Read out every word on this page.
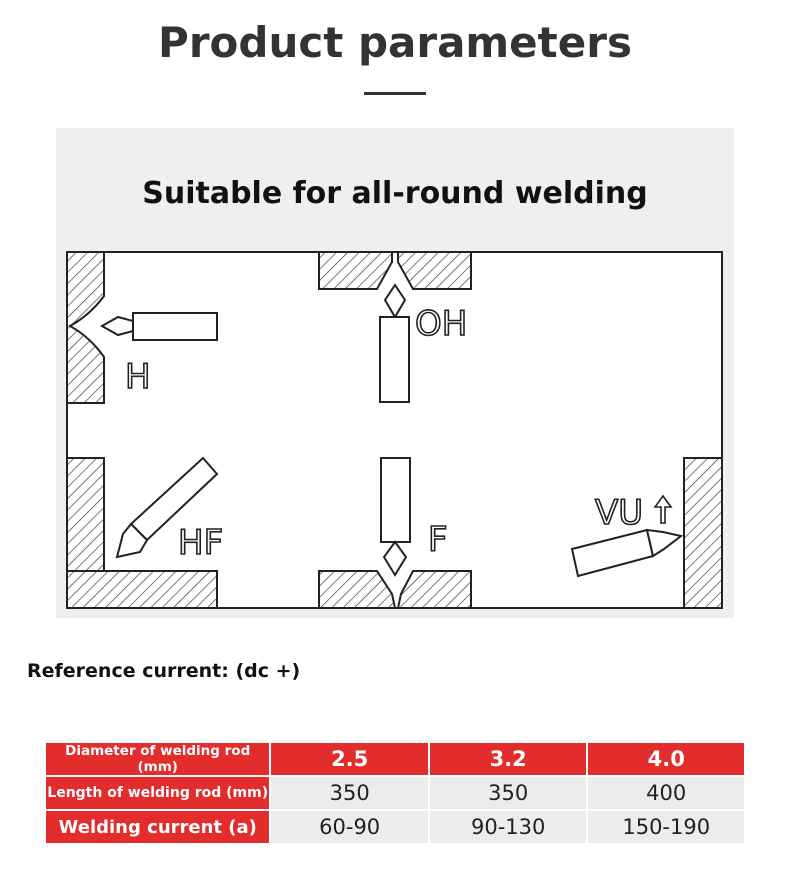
Product parameters
Suitable for all-round welding
H
OH
HF	F
VU
Reference current: (dc +)
Diameter of welding rod (mm)	2.5	3.2	4.0
Length of welding rod (mm)	350	350	400
Welding current (a)	60-90	90-130	150-190
